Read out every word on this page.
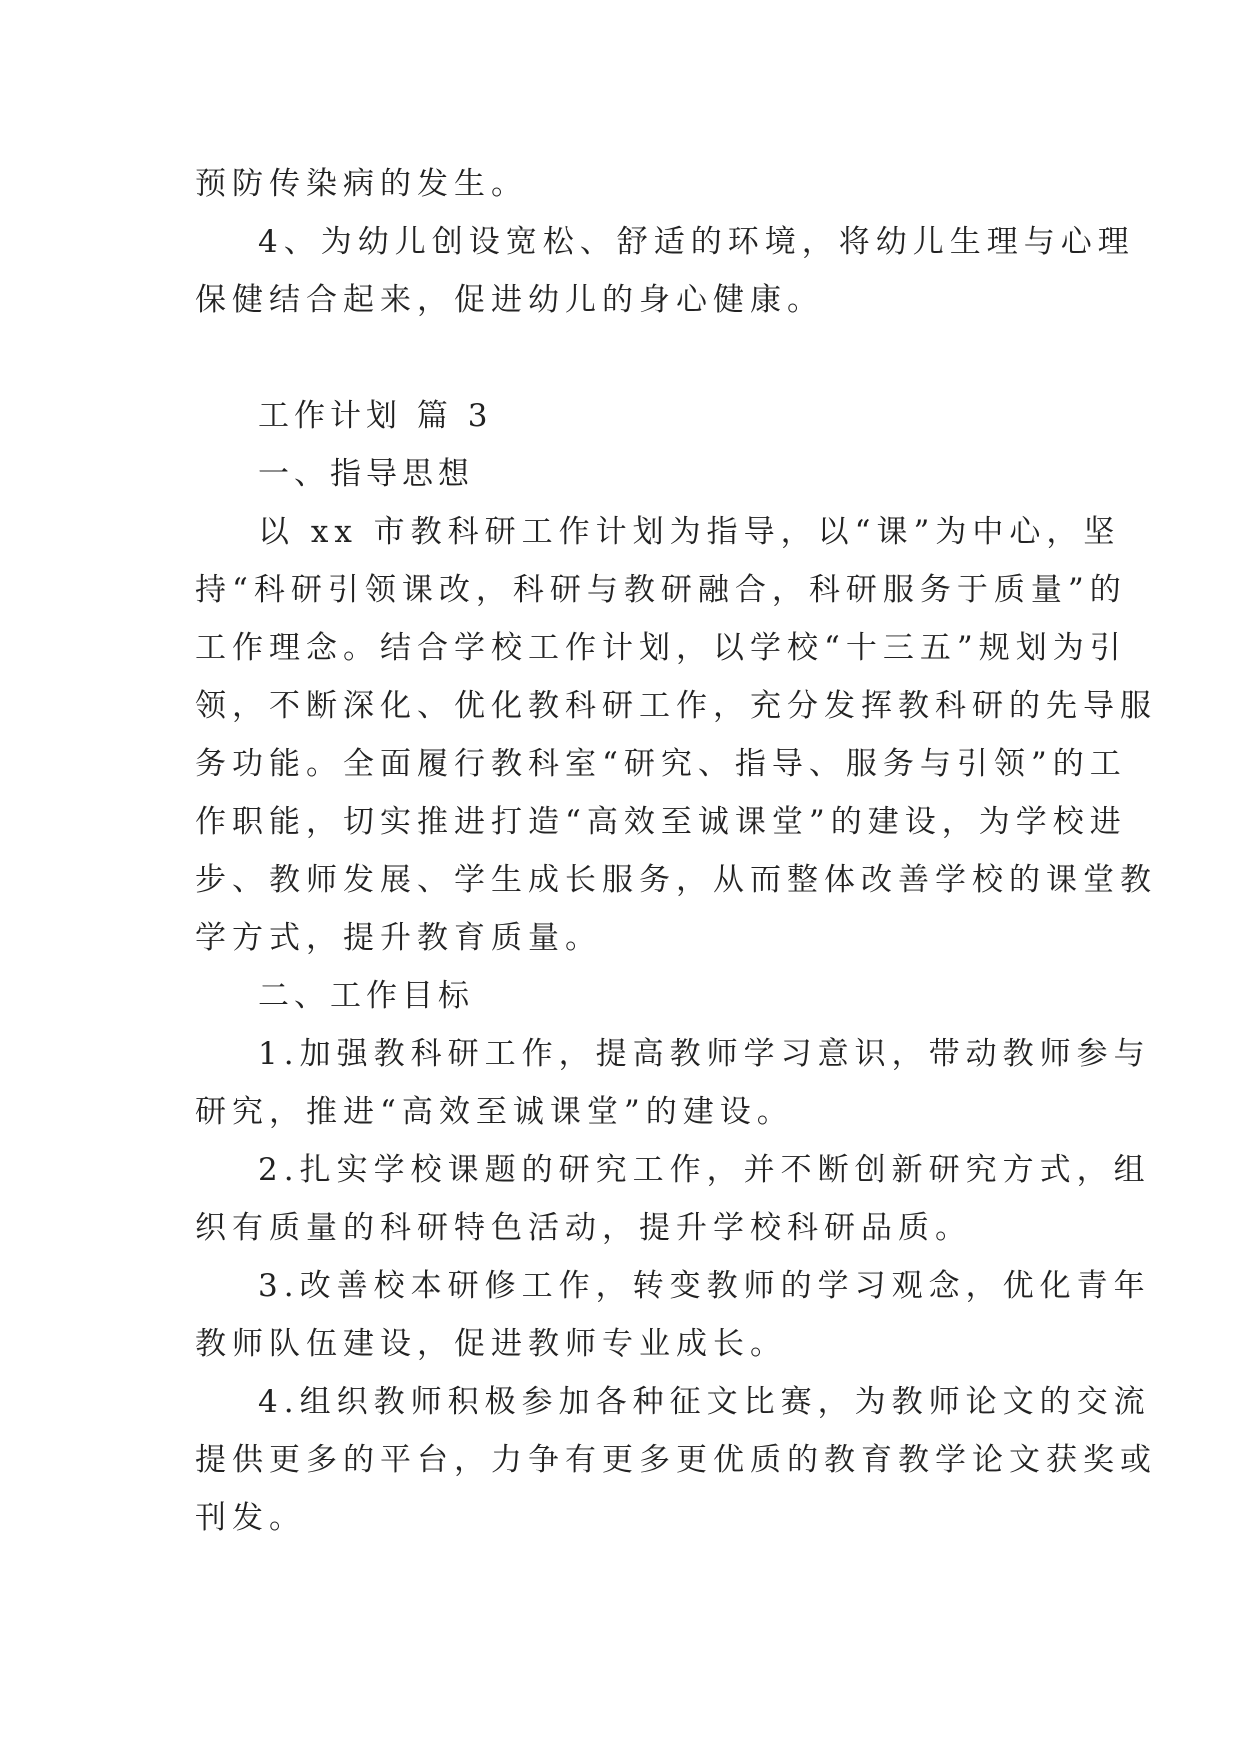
预防传染病的发生。
4、为幼儿创设宽松、舒适的环境，将幼儿生理与心理
保健结合起来，促进幼儿的身心健康。
工作计划 篇 3
一、指导思想
以 xx 市教科研工作计划为指导，以“课”为中心，坚
持“科研引领课改，科研与教研融合，科研服务于质量”的
工作理念。结合学校工作计划，以学校“十三五”规划为引
领，不断深化、优化教科研工作，充分发挥教科研的先导服
务功能。全面履行教科室“研究、指导、服务与引领”的工
作职能，切实推进打造“高效至诚课堂”的建设，为学校进
步、教师发展、学生成长服务，从而整体改善学校的课堂教
学方式，提升教育质量。
二、工作目标
1.加强教科研工作，提高教师学习意识，带动教师参与
研究，推进“高效至诚课堂”的建设。
2.扎实学校课题的研究工作，并不断创新研究方式，组
织有质量的科研特色活动，提升学校科研品质。
3.改善校本研修工作，转变教师的学习观念，优化青年
教师队伍建设，促进教师专业成长。
4.组织教师积极参加各种征文比赛，为教师论文的交流
提供更多的平台，力争有更多更优质的教育教学论文获奖或
刊发。
